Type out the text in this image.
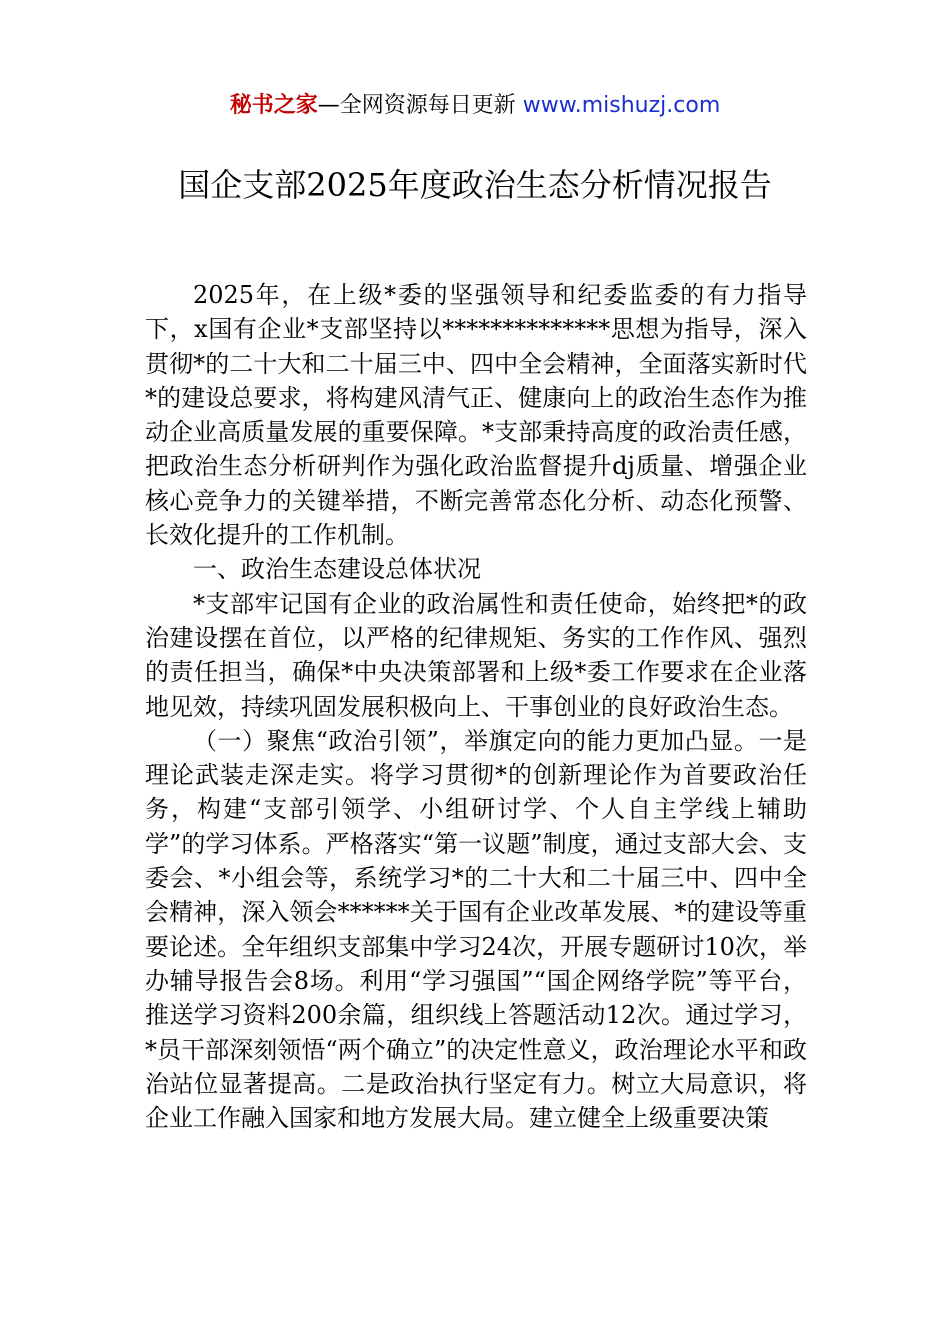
秘书之家—全网资源每日更新 www.mishuzj.com
国企支部2025年度政治生态分析情况报告

2025年，在上级*委的坚强领导和纪委监委的有力指导下，x国有企业*支部坚持以**************思想为指导，深入贯彻*的二十大和二十届三中、四中全会精神，全面落实新时代*的建设总要求，将构建风清气正、健康向上的政治生态作为推动企业高质量发展的重要保障。*支部秉持高度的政治责任感，把政治生态分析研判作为强化政治监督提升dj质量、增强企业核心竞争力的关键举措，不断完善常态化分析、动态化预警、长效化提升的工作机制。

一、政治生态建设总体状况

*支部牢记国有企业的政治属性和责任使命，始终把*的政治建设摆在首位，以严格的纪律规矩、务实的工作作风、强烈的责任担当，确保*中央决策部署和上级*委工作要求在企业落地见效，持续巩固发展积极向上、干事创业的良好政治生态。

（一）聚焦“政治引领”，举旗定向的能力更加凸显。一是理论武装走深走实。将学习贯彻*的创新理论作为首要政治任务，构建“支部引领学、小组研讨学、个人自主学线上辅助学”的学习体系。严格落实“第一议题”制度，通过支部大会、支委会、*小组会等，系统学习*的二十大和二十届三中、四中全会精神，深入领会******关于国有企业改革发展、*的建设等重要论述。全年组织支部集中学习24次，开展专题研讨10次，举办辅导报告会8场。利用“学习强国”“国企网络学院”等平台，推送学习资料200余篇，组织线上答题活动12次。通过学习，*员干部深刻领悟“两个确立”的决定性意义，政治理论水平和政治站位显著提高。二是政治执行坚定有力。树立大局意识，将企业工作融入国家和地方发展大局。建立健全上级重要决策
